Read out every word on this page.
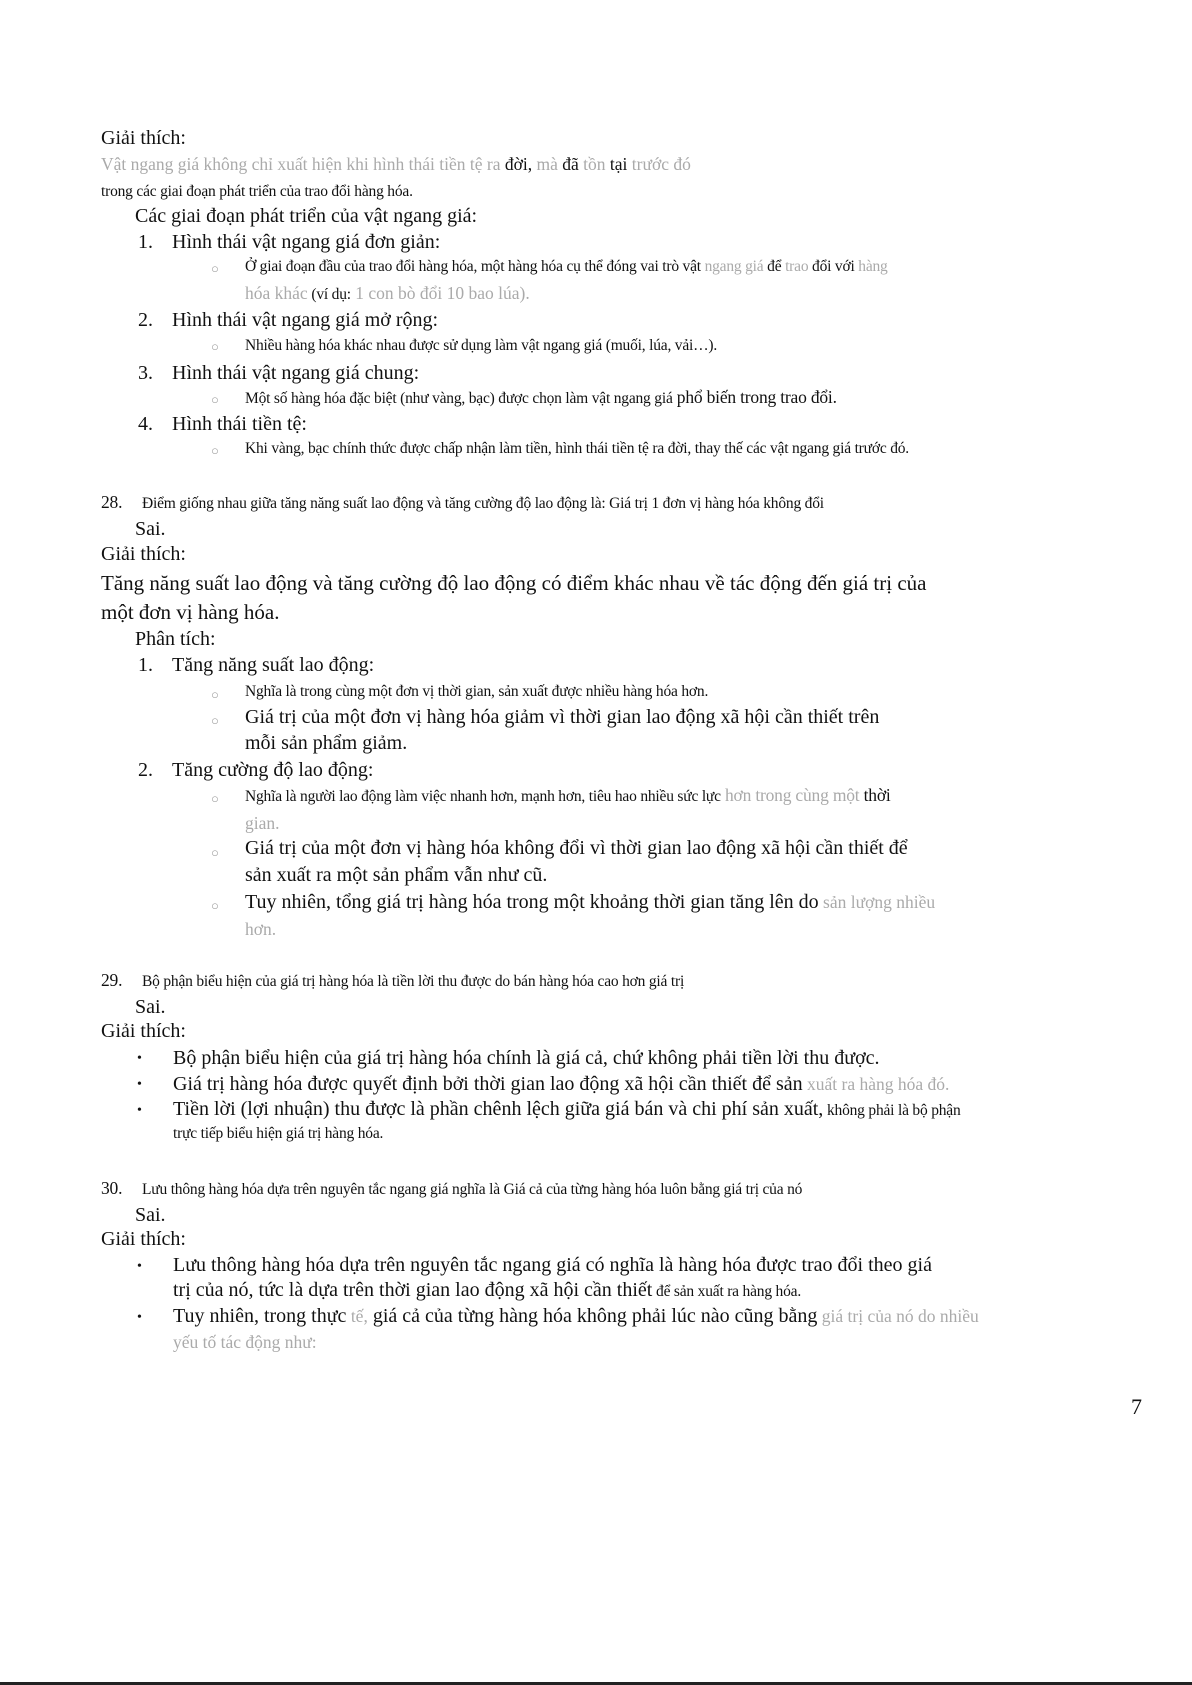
Giải thích:
Vật ngang giá không chỉ xuất hiện khi hình thái tiền tệ ra đời, mà đã tồn tại trước đó
trong các giai đoạn phát triển của trao đổi hàng hóa.
Các giai đoạn phát triển của vật ngang giá:
1. Hình thái vật ngang giá đơn giản:
○ Ở giai đoạn đầu của trao đổi hàng hóa, một hàng hóa cụ thể đóng vai trò vật ngang giá để trao đổi với hàng
hóa khác (ví dụ: 1 con bò đổi 10 bao lúa).
2. Hình thái vật ngang giá mở rộng:
○ Nhiều hàng hóa khác nhau được sử dụng làm vật ngang giá (muối, lúa, vải…).
3. Hình thái vật ngang giá chung:
○ Một số hàng hóa đặc biệt (như vàng, bạc) được chọn làm vật ngang giá phổ biến trong trao đổi.
4. Hình thái tiền tệ:
○ Khi vàng, bạc chính thức được chấp nhận làm tiền, hình thái tiền tệ ra đời, thay thế các vật ngang giá trước đó.
28. Điểm giống nhau giữa tăng năng suất lao động và tăng cường độ lao động là: Giá trị 1 đơn vị hàng hóa không đổi
Sai.
Giải thích:
Tăng năng suất lao động và tăng cường độ lao động có điểm khác nhau về tác động đến giá trị của
một đơn vị hàng hóa.
Phân tích:
1. Tăng năng suất lao động:
○ Nghĩa là trong cùng một đơn vị thời gian, sản xuất được nhiều hàng hóa hơn.
○ Giá trị của một đơn vị hàng hóa giảm vì thời gian lao động xã hội cần thiết trên
mỗi sản phẩm giảm.
2. Tăng cường độ lao động:
○ Nghĩa là người lao động làm việc nhanh hơn, mạnh hơn, tiêu hao nhiều sức lực hơn trong cùng một thời
gian.
○ Giá trị của một đơn vị hàng hóa không đổi vì thời gian lao động xã hội cần thiết để
sản xuất ra một sản phẩm vẫn như cũ.
○ Tuy nhiên, tổng giá trị hàng hóa trong một khoảng thời gian tăng lên do sản lượng nhiều
hơn.
29. Bộ phận biểu hiện của giá trị hàng hóa là tiền lời thu được do bán hàng hóa cao hơn giá trị
Sai.
Giải thích:
• Bộ phận biểu hiện của giá trị hàng hóa chính là giá cả, chứ không phải tiền lời thu được.
• Giá trị hàng hóa được quyết định bởi thời gian lao động xã hội cần thiết để sản xuất ra hàng hóa đó.
• Tiền lời (lợi nhuận) thu được là phần chênh lệch giữa giá bán và chi phí sản xuất, không phải là bộ phận
trực tiếp biểu hiện giá trị hàng hóa.
30. Lưu thông hàng hóa dựa trên nguyên tắc ngang giá nghĩa là Giá cả của từng hàng hóa luôn bằng giá trị của nó
Sai.
Giải thích:
• Lưu thông hàng hóa dựa trên nguyên tắc ngang giá có nghĩa là hàng hóa được trao đổi theo giá
trị của nó, tức là dựa trên thời gian lao động xã hội cần thiết để sản xuất ra hàng hóa.
• Tuy nhiên, trong thực tế, giá cả của từng hàng hóa không phải lúc nào cũng bằng giá trị của nó do nhiều
yếu tố tác động như:
7
